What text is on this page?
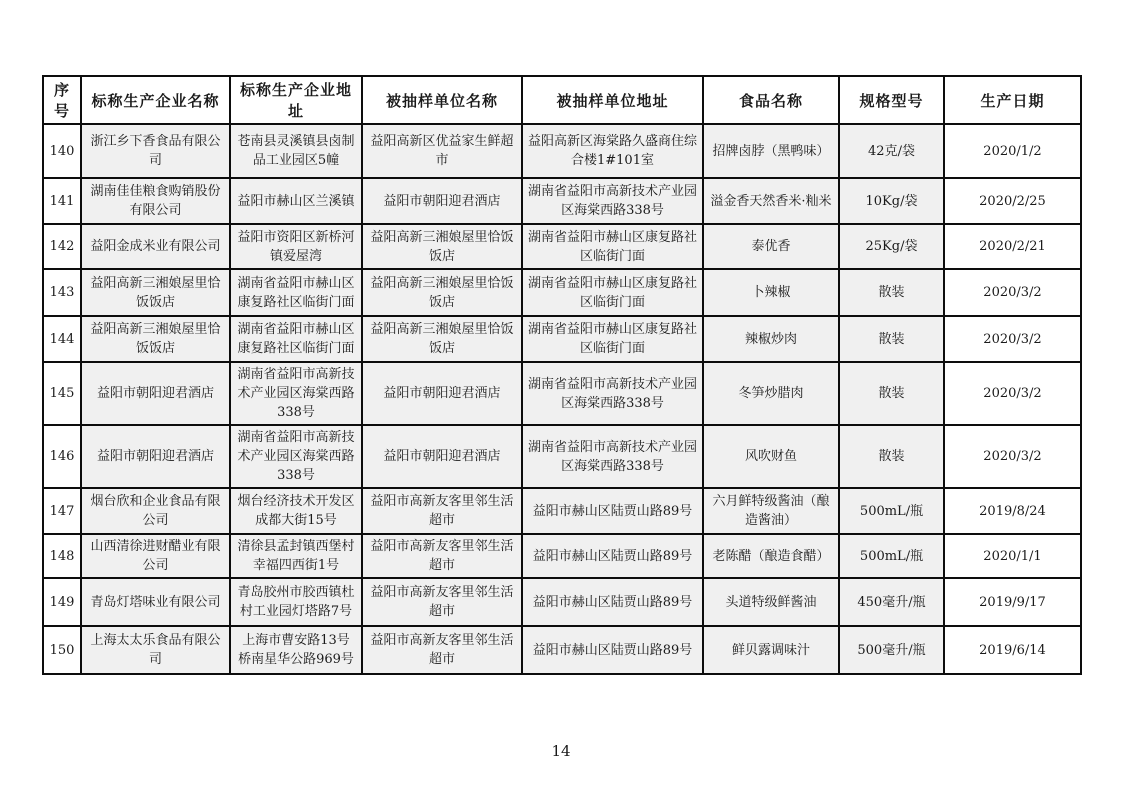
序号	标称生产企业名称	标称生产企业地址	被抽样单位名称	被抽样单位地址	食品名称	规格型号	生产日期
140	浙江乡下香食品有限公司	苍南县灵溪镇县卤制品工业园区5幢	益阳高新区优益家生鲜超市	益阳高新区海棠路久盛商住综合楼1#101室	招牌卤脖（黑鸭味）	42克/袋	2020/1/2
141	湖南佳佳粮食购销股份有限公司	益阳市赫山区兰溪镇	益阳市朝阳迎君酒店	湖南省益阳市高新技术产业园区海棠西路338号	溢金香天然香米·籼米	10Kg/袋	2020/2/25
142	益阳金成米业有限公司	益阳市资阳区新桥河镇爱屋湾	益阳高新三湘娘屋里恰饭饭店	湖南省益阳市赫山区康复路社区临街门面	泰优香	25Kg/袋	2020/2/21
143	益阳高新三湘娘屋里恰饭饭店	湖南省益阳市赫山区康复路社区临街门面	益阳高新三湘娘屋里恰饭饭店	湖南省益阳市赫山区康复路社区临街门面	卜辣椒	散装	2020/3/2
144	益阳高新三湘娘屋里恰饭饭店	湖南省益阳市赫山区康复路社区临街门面	益阳高新三湘娘屋里恰饭饭店	湖南省益阳市赫山区康复路社区临街门面	辣椒炒肉	散装	2020/3/2
145	益阳市朝阳迎君酒店	湖南省益阳市高新技术产业园区海棠西路338号	益阳市朝阳迎君酒店	湖南省益阳市高新技术产业园区海棠西路338号	冬笋炒腊肉	散装	2020/3/2
146	益阳市朝阳迎君酒店	湖南省益阳市高新技术产业园区海棠西路338号	益阳市朝阳迎君酒店	湖南省益阳市高新技术产业园区海棠西路338号	风吹财鱼	散装	2020/3/2
147	烟台欣和企业食品有限公司	烟台经济技术开发区成都大街15号	益阳市高新友客里邻生活超市	益阳市赫山区陆贾山路89号	六月鲜特级酱油（酿造酱油）	500mL/瓶	2019/8/24
148	山西清徐进财醋业有限公司	清徐县孟封镇西堡村幸福四西街1号	益阳市高新友客里邻生活超市	益阳市赫山区陆贾山路89号	老陈醋（酿造食醋）	500mL/瓶	2020/1/1
149	青岛灯塔味业有限公司	青岛胶州市胶西镇杜村工业园灯塔路7号	益阳市高新友客里邻生活超市	益阳市赫山区陆贾山路89号	头道特级鲜酱油	450毫升/瓶	2019/9/17
150	上海太太乐食品有限公司	上海市曹安路13号桥南星华公路969号	益阳市高新友客里邻生活超市	益阳市赫山区陆贾山路89号	鲜贝露调味汁	500毫升/瓶	2019/6/14
14
